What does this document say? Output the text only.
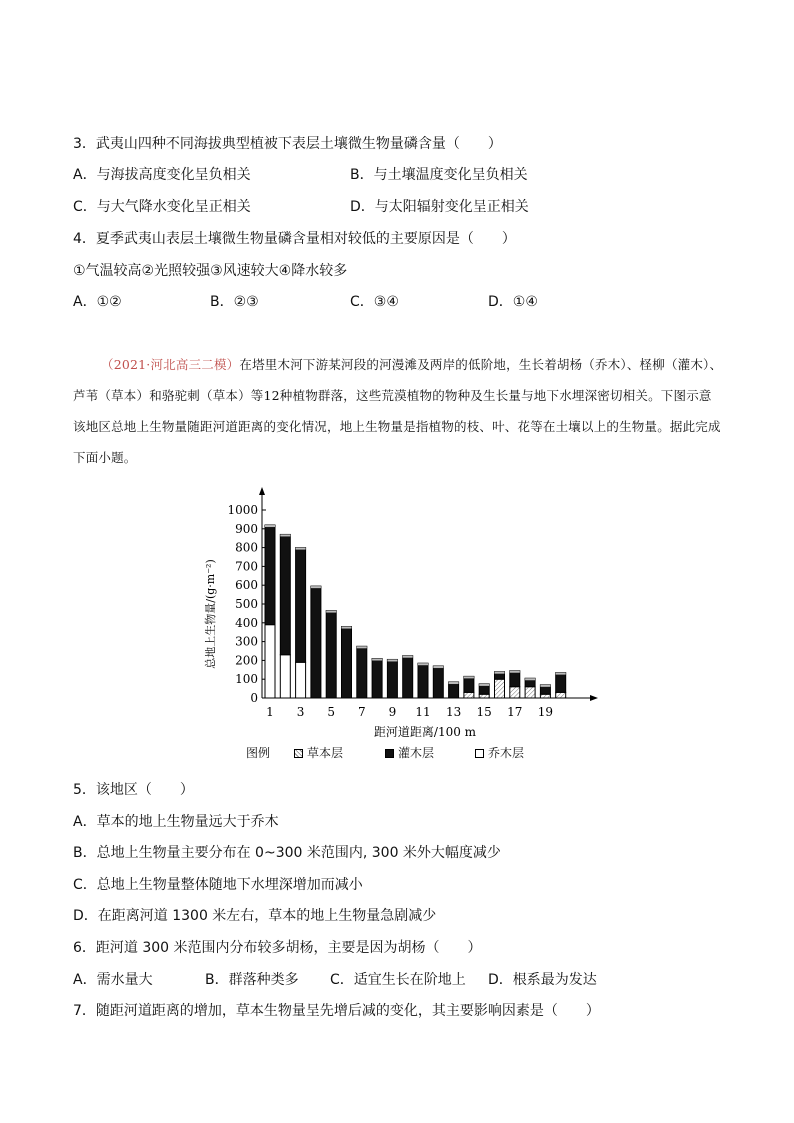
3．武夷山四种不同海拔典型植被下表层土壤微生物量磷含量（　　）
A．与海拔高度变化呈负相关	B．与土壤温度变化呈负相关
C．与大气降水变化呈正相关	D．与太阳辐射变化呈正相关
4．夏季武夷山表层土壤微生物量磷含量相对较低的主要原因是（　　）
①气温较高②光照较强③风速较大④降水较多
A．①②	B．②③	C．③④	D．①④
（2021·河北高三二模）在塔里木河下游某河段的河漫滩及两岸的低阶地，生长着胡杨（乔木）、柽柳（灌木）、芦苇（草本）和骆驼刺（草本）等12种植物群落，这些荒漠植物的物种及生长量与地下水埋深密切相关。下图示意该地区总地上生物量随距河道距离的变化情况，地上生物量是指植物的枝、叶、花等在土壤以上的生物量。据此完成下面小题。
0
100
200
300
400
500
600
700
800
900
1000
1 3 5 7 9 11 13 15 17 19
距河道距离/100 m
总地上生物量/(g·m⁻²)
图例	草本层	灌木层	乔木层
5．该地区（　　）
A．草本的地上生物量远大于乔木
B．总地上生物量主要分布在 0~300 米范围内, 300 米外大幅度减少
C．总地上生物量整体随地下水埋深增加而减小
D．在距离河道 1300 米左右，草本的地上生物量急剧减少
6．距河道 300 米范围内分布较多胡杨，主要是因为胡杨（　　）
A．需水量大	B．群落种类多 C．适宜生长在阶地上 D．根系最为发达
7．随距河道距离的增加，草本生物量呈先增后减的变化，其主要影响因素是（　　）
